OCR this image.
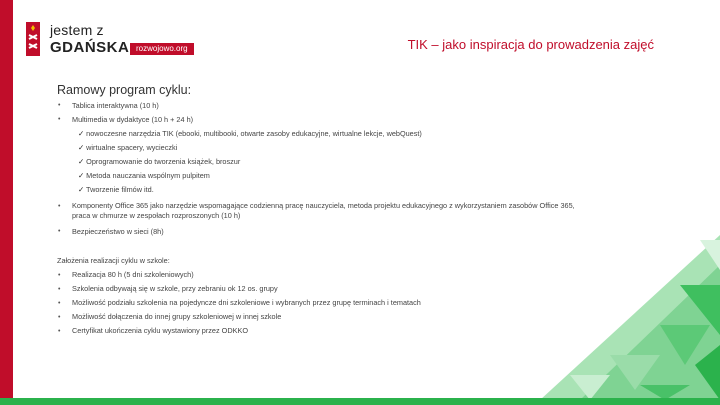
jestem z
GDAŃSKA rozwojowo.org	TIK – jako inspiracja do prowadzenia zajęć
Ramowy program cyklu:
• Tablica interaktywna (10 h)
• Multimedia w dydaktyce (10 h + 24 h)
✓ nowoczesne narzędzia TIK (ebooki, multibooki, otwarte zasoby edukacyjne, wirtualne lekcje, webQuest)
✓ wirtualne spacery, wycieczki
✓ Oprogramowanie do tworzenia książek, broszur
✓ Metoda nauczania wspólnym pulpitem
✓ Tworzenie filmów itd.
• Komponenty Office 365 jako narzędzie wspomagające codzienną pracę nauczyciela, metoda projektu edukacyjnego z wykorzystaniem zasobów Office 365,
praca w chmurze w zespołach rozproszonych (10 h)
• Bezpieczeństwo w sieci (8h)
Założenia realizacji cyklu w szkole:
• Realizacja 80 h (5 dni szkoleniowych)
• Szkolenia odbywają się w szkole, przy zebraniu ok 12 os. grupy
• Możliwość podziału szkolenia na pojedyncze dni szkoleniowe i wybranych przez grupę terminach i tematach
• Możliwość dołączenia do innej grupy szkoleniowej w innej szkole
• Certyfikat ukończenia cyklu wystawiony przez ODKKO
